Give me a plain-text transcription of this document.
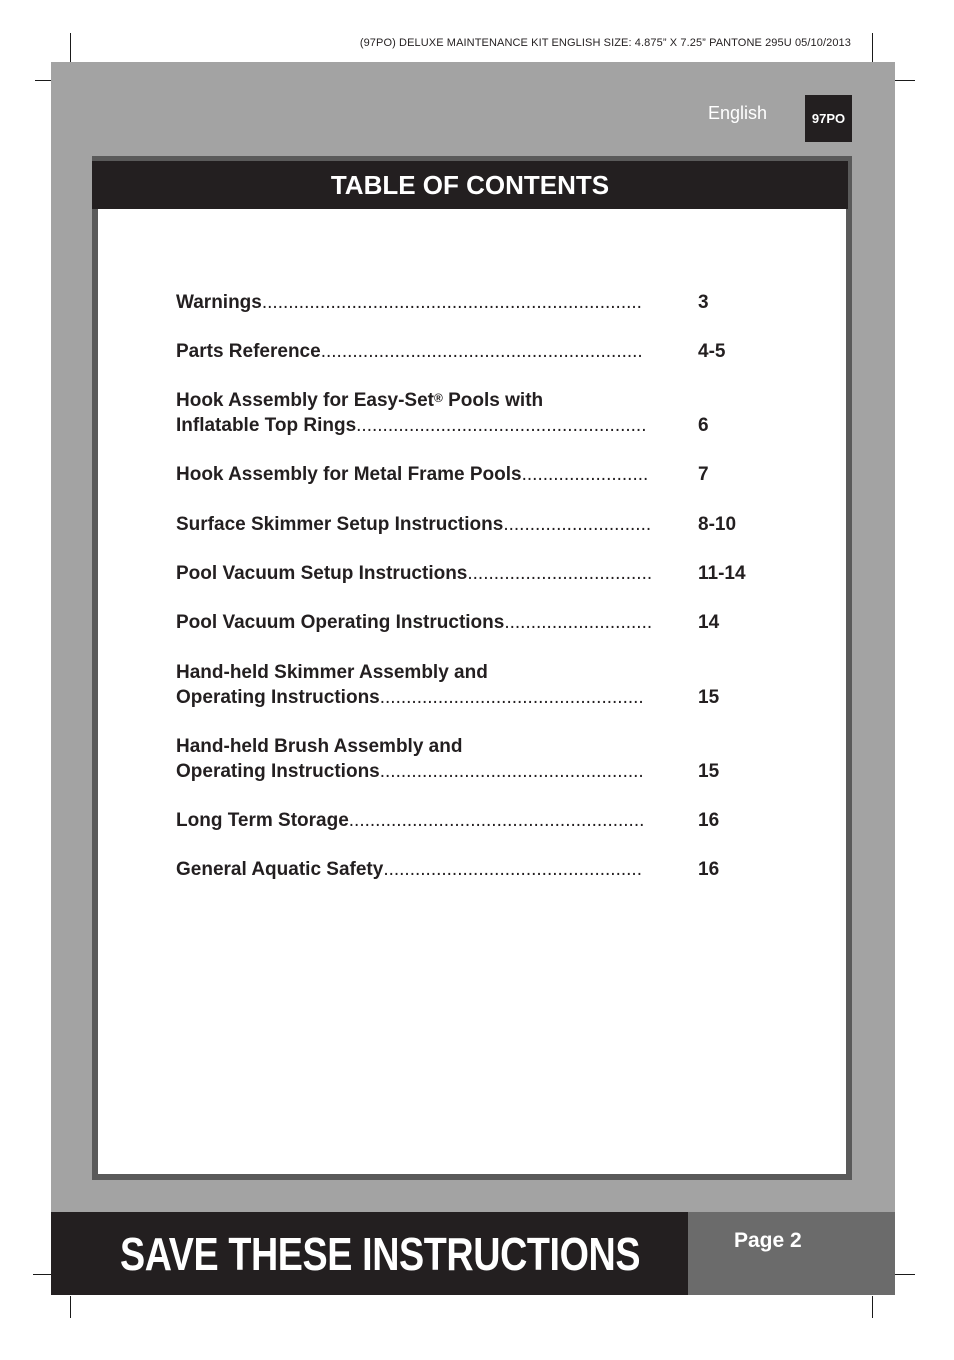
(97PO) DELUXE MAINTENANCE KIT ENGLISH SIZE: 4.875” X 7.25” PANTONE 295U 05/10/2013
English	97PO
TABLE OF CONTENTS
Warnings........................................................................	3
Parts Reference.............................................................	4-5
Hook Assembly for Easy-Set® Pools with
Inflatable Top Rings.......................................................	6
Hook Assembly for Metal Frame Pools........................	7
Surface Skimmer Setup Instructions............................ 8-10
Pool Vacuum Setup Instructions................................... 11-14
Pool Vacuum Operating Instructions............................ 14
Hand-held Skimmer Assembly and
Operating Instructions..................................................	15
Hand-held Brush Assembly and
Operating Instructions..................................................	15
Long Term Storage........................................................	16
General Aquatic Safety.................................................	16
SAVE THESE INSTRUCTIONS	Page 2
